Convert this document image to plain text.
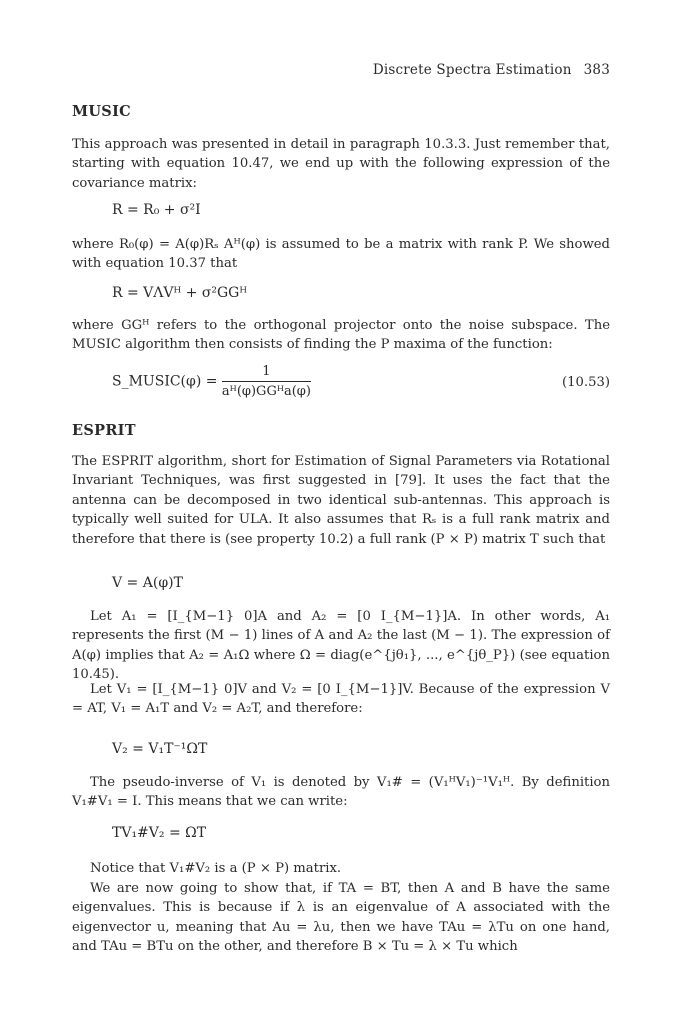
Discrete Spectra Estimation 383
MUSIC
This approach was presented in detail in paragraph 10.3.3. Just remember that, starting with equation 10.47, we end up with the following expression of the covariance matrix:
R = R₀ + σ²I
where R₀(φ) = A(φ)Rₛ Aᴴ(φ) is assumed to be a matrix with rank P. We showed with equation 10.37 that
R = VΛVᴴ + σ²GGᴴ
where GGᴴ refers to the orthogonal projector onto the noise subspace. The MUSIC algorithm then consists of finding the P maxima of the function:
S_MUSIC(φ) = $\frac{1}{\text{aᴴ(φ)GGᴴa(φ)}}$	(10.53)
ESPRIT
The ESPRIT algorithm, short for Estimation of Signal Parameters via Rotational Invariant Techniques, was first suggested in [79]. It uses the fact that the antenna can be decomposed in two identical sub-antennas. This approach is typically well suited for ULA. It also assumes that Rₛ is a full rank matrix and therefore that there is (see property 10.2) a full rank (P × P) matrix T such that
V = A(φ)T
Let A₁ = [I_{M−1} 0]A and A₂ = [0 I_{M−1}]A. In other words, A₁ represents the first (M − 1) lines of A and A₂ the last (M − 1). The expression of A(φ) implies that A₂ = A₁Ω where Ω = diag(e^{jθ₁}, ..., e^{jθ_P}) (see equation 10.45).
Let V₁ = [I_{M−1} 0]V and V₂ = [0 I_{M−1}]V. Because of the expression V = AT, V₁ = A₁T and V₂ = A₂T, and therefore:
V₂ = V₁T⁻¹ΩT
The pseudo-inverse of V₁ is denoted by V₁# = (V₁ᴴV₁)⁻¹V₁ᴴ. By definition V₁#V₁ = I. This means that we can write:
TV₁#V₂ = ΩT
Notice that V₁#V₂ is a (P × P) matrix.
We are now going to show that, if TA = BT, then A and B have the same eigenvalues. This is because if λ is an eigenvalue of A associated with the eigenvector u, meaning that Au = λu, then we have TAu = λTu on one hand, and TAu = BTu on the other, and therefore B × Tu = λ × Tu which
